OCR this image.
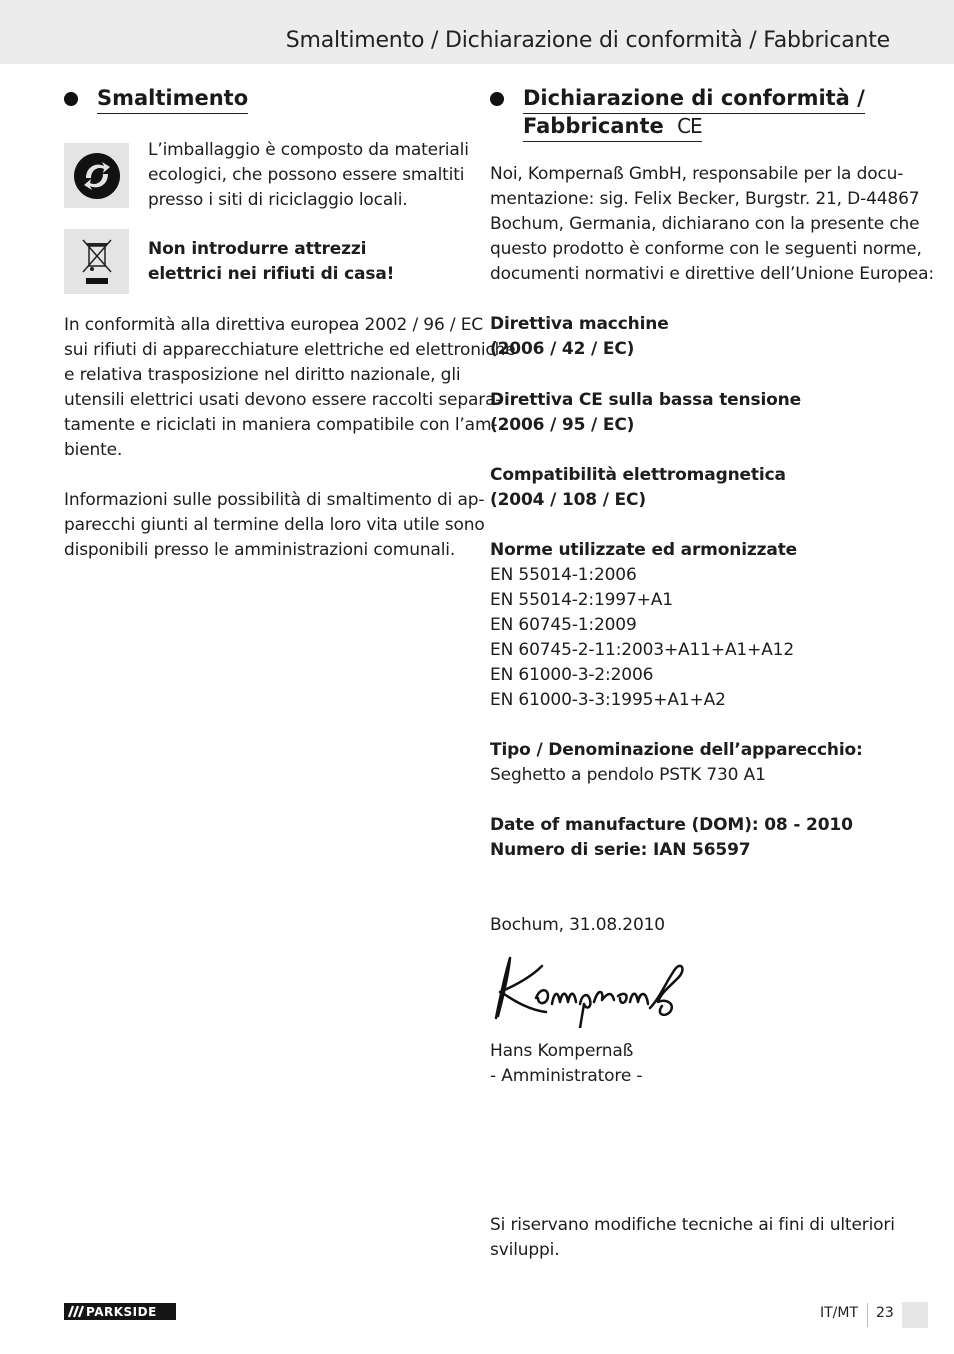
Smaltimento / Dichiarazione di conformità / Fabbricante
Smaltimento

L’imballaggio è composto da materiali
ecologici, che possono essere smaltiti
presso i siti di riciclaggio locali.

Non introdurre attrezzi
elettrici nei rifiuti di casa!

In conformità alla direttiva europea 2002 / 96 / EC
sui rifiuti di apparecchiature elettriche ed elettroniche
e relativa trasposizione nel diritto nazionale, gli
utensili elettrici usati devono essere raccolti separa-
tamente e riciclati in maniera compatibile con l’am-
biente.

Informazioni sulle possibilità di smaltimento di ap-
parecchi giunti al termine della loro vita utile sono
disponibili presso le amministrazioni comunali.

Dichiarazione di conformità /
Fabbricante CE

Noi, Kompernaß GmbH, responsabile per la docu-
mentazione: sig. Felix Becker, Burgstr. 21, D-44867
Bochum, Germania, dichiarano con la presente che
questo prodotto è conforme con le seguenti norme,
documenti normativi e direttive dell’Unione Europea:

Direttiva macchine
(2006 / 42 / EC)

Direttiva CE sulla bassa tensione
(2006 / 95 / EC)

Compatibilità elettromagnetica
(2004 / 108 / EC)

Norme utilizzate ed armonizzate
EN 55014-1:2006
EN 55014-2:1997+A1
EN 60745-1:2009
EN 60745-2-11:2003+A11+A1+A12
EN 61000-3-2:2006
EN 61000-3-3:1995+A1+A2

Tipo / Denominazione dell’apparecchio:
Seghetto a pendolo PSTK 730 A1

Date of manufacture (DOM): 08 - 2010
Numero di serie: IAN 56597

Bochum, 31.08.2010

Hans Kompernaß
- Amministratore -

Si riservano modifiche tecniche ai fini di ulteriori
sviluppi.

PARKSIDE	IT/MT 23
